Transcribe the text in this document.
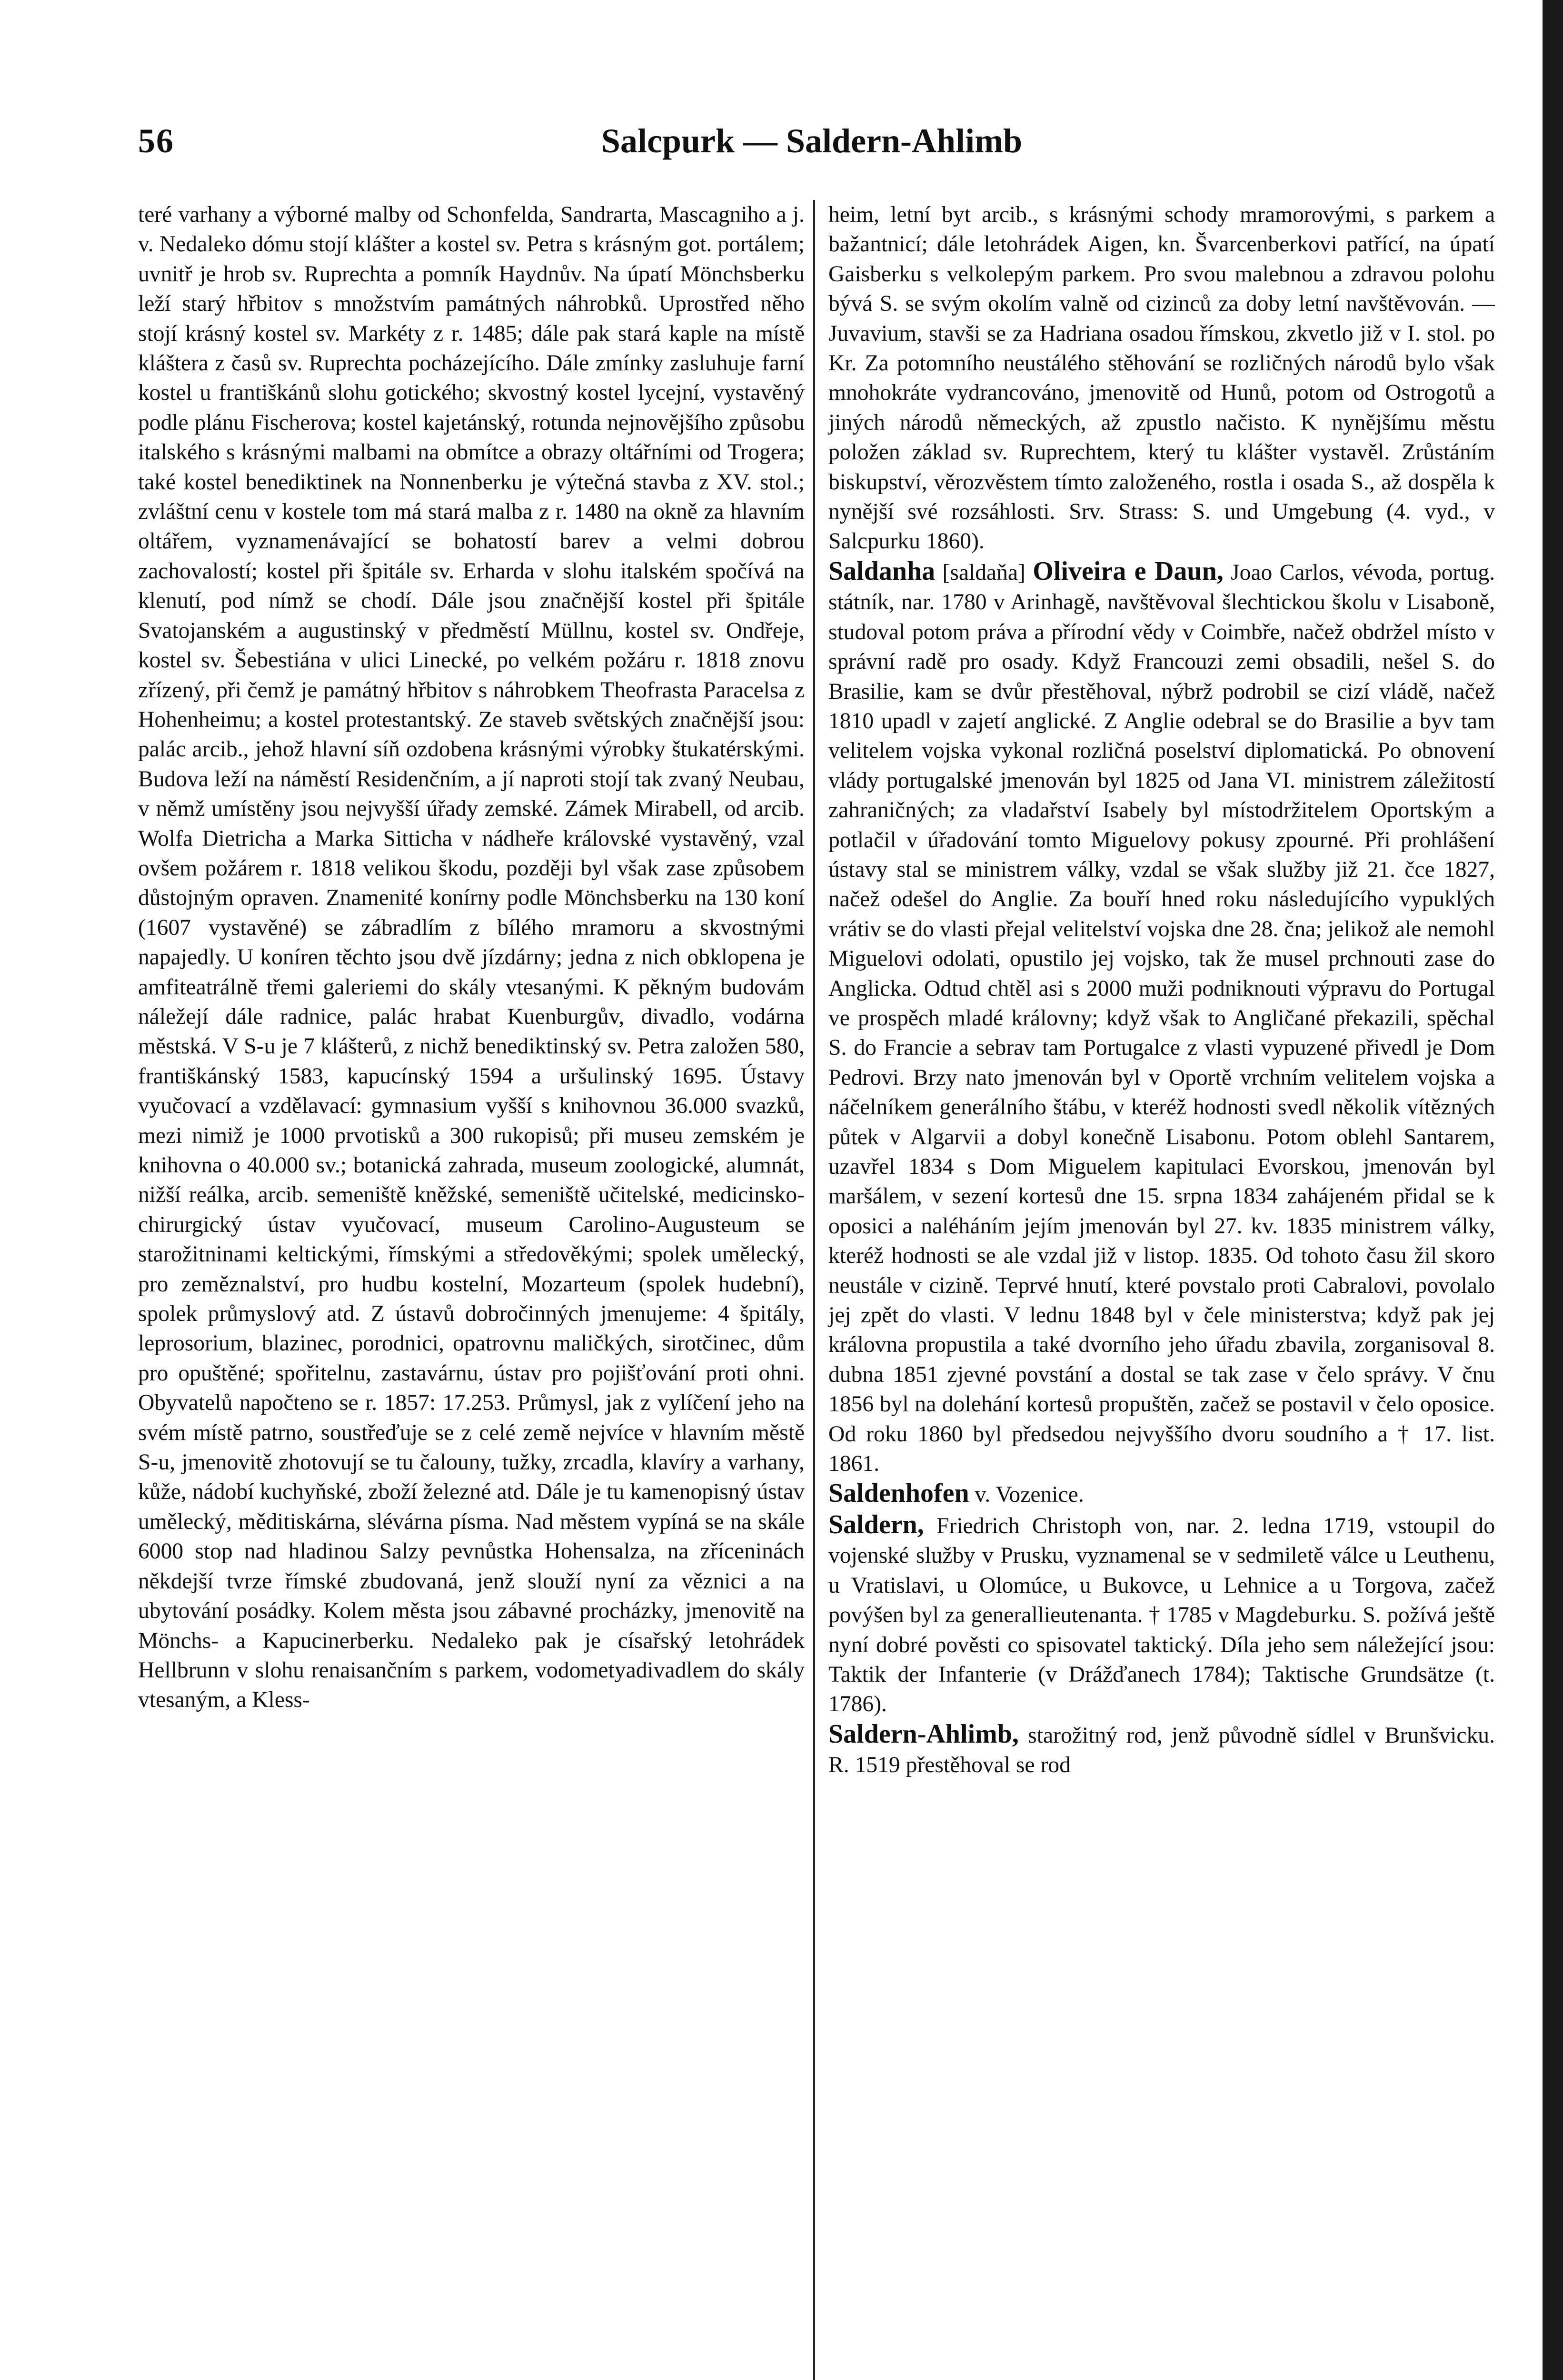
56	Salcpurk — Saldern-Ahlimb

teré varhany a výborné malby od Schonfelda, Sandrarta, Mascagniho a j. v. Nedaleko dómu stojí klášter a kostel sv. Petra s krásným got. portálem; uvnitř je hrob sv. Ruprechta a pomník Haydnův. Na úpatí Mönchsberku leží starý hřbitov s množstvím památných náhrobků. Uprostřed něho stojí krásný kostel sv. Markéty z r. 1485; dále pak stará kaple na místě kláštera z časů sv. Ruprechta pocházejícího. Dále zmínky zasluhuje farní kostel u františkánů slohu gotického; skvostný kostel lycejní, vystavěný podle plánu Fischerova; kostel kajetánský, rotunda nejnovějšího způsobu italského s krásnými malbami na obmítce a obrazy oltářními od Trogera; také kostel benediktinek na Nonnenberku je výtečná stavba z XV. stol.; zvláštní cenu v kostele tom má stará malba z r. 1480 na okně za hlavním oltářem, vyznamenávající se bohatostí barev a velmi dobrou zachovalostí; kostel při špitále sv. Erharda v slohu italském spočívá na klenutí, pod nímž se chodí. Dále jsou značnější kostel při špitále Svatojanském a augustinský v předměstí Müllnu, kostel sv. Ondřeje, kostel sv. Šebestiána v ulici Linecké, po velkém požáru r. 1818 znovu zřízený, při čemž je památný hřbitov s náhrobkem Theofrasta Paracelsa z Hohenheimu; a kostel protestantský. Ze staveb světských značnější jsou: palác arcib., jehož hlavní síň ozdobena krásnými výrobky štukatérskými. Budova leží na náměstí Residenčním, a jí naproti stojí tak zvaný Neubau, v němž umístěny jsou nejvyšší úřady zemské. Zámek Mirabell, od arcib. Wolfa Dietricha a Marka Sitticha v nádheře královské vystavěný, vzal ovšem požárem r. 1818 velikou škodu, později byl však zase způsobem důstojným opraven. Znamenité konírny podle Mönchsberku na 130 koní (1607 vystavěné) se zábradlím z bílého mramoru a skvostnými napajedly. U koníren těchto jsou dvě jízdárny; jedna z nich obklopena je amfiteatrálně třemi galeriemi do skály vtesanými. K pěkným budovám náležejí dále radnice, palác hrabat Kuenburgův, divadlo, vodárna městská. V S-u je 7 klášterů, z nichž benediktinský sv. Petra založen 580, františkánský 1583, kapucínský 1594 a uršulinský 1695. Ústavy vyučovací a vzdělavací: gymnasium vyšší s knihovnou 36.000 svazků, mezi nimiž je 1000 prvotisků a 300 rukopisů; při museu zemském je knihovna o 40.000 sv.; botanická zahrada, museum zoologické, alumnát, nižší reálka, arcib. semeniště kněžské, semeniště učitelské, medicinsko-chirurgický ústav vyučovací, museum Carolino-Augusteum se starožitninami keltickými, římskými a středověkými; spolek umělecký, pro zeměznalství, pro hudbu kostelní, Mozarteum (spolek hudební), spolek průmyslový atd. Z ústavů dobročinných jmenujeme: 4 špitály, leprosorium, blazinec, porodnici, opatrovnu maličkých, sirotčinec, dům pro opuštěné; spořitelnu, zastavárnu, ústav pro pojišťování proti ohni. Obyvatelů napočteno se r. 1857: 17.253. Průmysl, jak z vylíčení jeho na svém místě patrno, soustřeďuje se z celé země nejvíce v hlavním městě S-u, jmenovitě zhotovují se tu čalouny, tužky, zrcadla, klavíry a varhany, kůže, nádobí kuchyňské, zboží železné atd. Dále je tu kamenopisný ústav umělecký, měditiskárna, slévárna písma. Nad městem vypíná se na skále 6000 stop nad hladinou Salzy pevnůstka Hohensalza, na zříceninách někdejší tvrze římské zbudovaná, jenž slouží nyní za věznici a na ubytování posádky. Kolem města jsou zábavné procházky, jmenovitě na Mönchs- a Kapucinerberku. Nedaleko pak je císařský letohrádek Hellbrunn v slohu renaisančním s parkem, vodometyadivadlem do skály vtesaným, a Kless-

heim, letní byt arcib., s krásnými schody mramorovými, s parkem a bažantnicí; dále letohrádek Aigen, kn. Švarcenberkovi patřící, na úpatí Gaisberku s velkolepým parkem. Pro svou malebnou a zdravou polohu bývá S. se svým okolím valně od cizinců za doby letní navštěvován. — Juvavium, stavši se za Hadriana osadou římskou, zkvetlo již v I. stol. po Kr. Za potomního neustálého stěhování se rozličných národů bylo však mnohokráte vydrancováno, jmenovitě od Hunů, potom od Ostrogotů a jiných národů německých, až zpustlo načisto. K nynějšímu městu položen základ sv. Ruprechtem, který tu klášter vystavěl. Zrůstáním biskupství, věrozvěstem tímto založeného, rostla i osada S., až dospěla k nynější své rozsáhlosti. Srv. Strass: S. und Umgebung (4. vyd., v Salcpurku 1860).

Saldanha [saldaňa] Oliveira e Daun, Joao Carlos, vévoda, portug. státník, nar. 1780 v Arinhagě, navštěvoval šlechtickou školu v Lisaboně, studoval potom práva a přírodní vědy v Coimbře, načež obdržel místo v správní radě pro osady. Když Francouzi zemi obsadili, nešel S. do Brasilie, kam se dvůr přestěhoval, nýbrž podrobil se cizí vládě, načež 1810 upadl v zajetí anglické. Z Anglie odebral se do Brasilie a byv tam velitelem vojska vykonal rozličná poselství diplomatická. Po obnovení vlády portugalské jmenován byl 1825 od Jana VI. ministrem záležitostí zahraničných; za vladařství Isabely byl místodržitelem Oportským a potlačil v úřadování tomto Miguelovy pokusy zpourné. Při prohlášení ústavy stal se ministrem války, vzdal se však služby již 21. čce 1827, načež odešel do Anglie. Za bouří hned roku následujícího vypuklých vrátiv se do vlasti přejal velitelství vojska dne 28. čna; jelikož ale nemohl Miguelovi odolati, opustilo jej vojsko, tak že musel prchnouti zase do Anglicka. Odtud chtěl asi s 2000 muži podniknouti výpravu do Portugal ve prospěch mladé královny; když však to Angličané překazili, spěchal S. do Francie a sebrav tam Portugalce z vlasti vypuzené přivedl je Dom Pedrovi. Brzy nato jmenován byl v Oportě vrchním velitelem vojska a náčelníkem generálního štábu, v kteréž hodnosti svedl několik vítězných půtek v Algarvii a dobyl konečně Lisabonu. Potom oblehl Santarem, uzavřel 1834 s Dom Miguelem kapitulaci Evorskou, jmenován byl maršálem, v sezení kortesů dne 15. srpna 1834 zahájeném přidal se k oposici a naléháním jejím jmenován byl 27. kv. 1835 ministrem války, kteréž hodnosti se ale vzdal již v listop. 1835. Od tohoto času žil skoro neustále v cizině. Teprvé hnutí, které povstalo proti Cabralovi, povolalo jej zpět do vlasti. V lednu 1848 byl v čele ministerstva; když pak jej královna propustila a také dvorního jeho úřadu zbavila, zorganisoval 8. dubna 1851 zjevné povstání a dostal se tak zase v čelo správy. V čnu 1856 byl na dolehání kortesů propuštěn, začež se postavil v čelo oposice. Od roku 1860 byl předsedou nejvyššího dvoru soudního a † 17. list. 1861.

Saldenhofen v. Vozenice.

Saldern, Friedrich Christoph von, nar. 2. ledna 1719, vstoupil do vojenské služby v Prusku, vyznamenal se v sedmiletě válce u Leuthenu, u Vratislavi, u Olomúce, u Bukovce, u Lehnice a u Torgova, začež povýšen byl za generallieutenanta. † 1785 v Magdeburku. S. požívá ještě nyní dobré pověsti co spisovatel taktický. Díla jeho sem náležející jsou: Taktik der Infanterie (v Drážďanech 1784); Taktische Grundsätze (t. 1786).

Saldern-Ahlimb, starožitný rod, jenž původně sídlel v Brunšvicku. R. 1519 přestěhoval se rod
